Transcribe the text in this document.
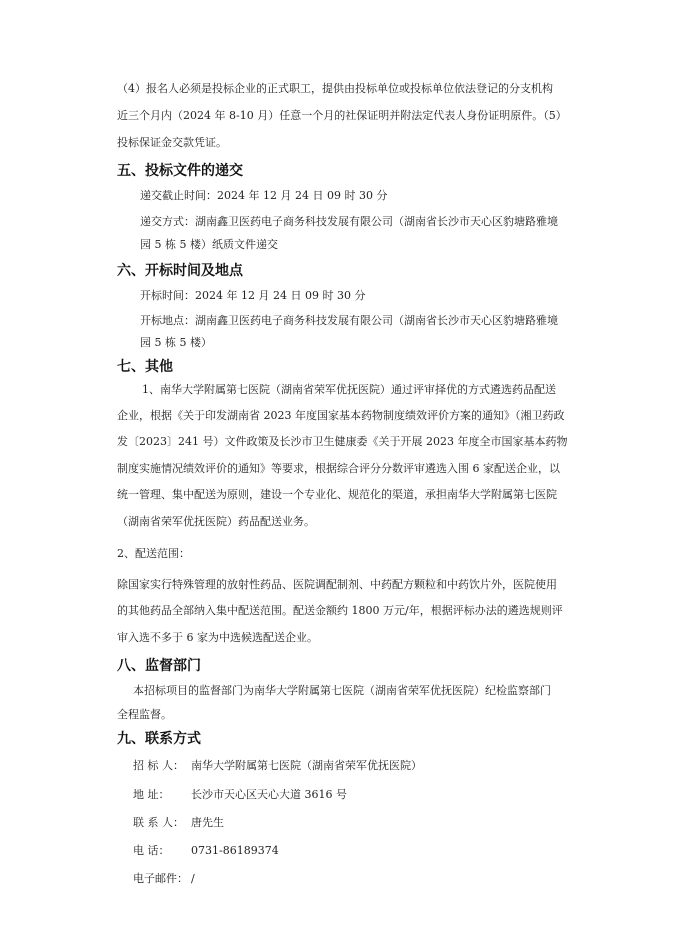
（4）报名人必须是投标企业的正式职工，提供由投标单位或投标单位依法登记的分支机构
近三个月内（2024 年 8-10 月）任意一个月的社保证明并附法定代表人身份证明原件。（5）
投标保证金交款凭证。
五、投标文件的递交
递交截止时间：2024 年 12 月 24 日 09 时 30 分
递交方式：湖南鑫卫医药电子商务科技发展有限公司（湖南省长沙市天心区豹塘路雅境
园 5 栋 5 楼）纸质文件递交
六、开标时间及地点
开标时间：2024 年 12 月 24 日 09 时 30 分
开标地点：湖南鑫卫医药电子商务科技发展有限公司（湖南省长沙市天心区豹塘路雅境
园 5 栋 5 楼）
七、其他
1、南华大学附属第七医院（湖南省荣军优抚医院）通过评审择优的方式遴选药品配送
企业，根据《关于印发湖南省 2023 年度国家基本药物制度绩效评价方案的通知》（湘卫药政
发〔2023〕241 号）文件政策及长沙市卫生健康委《关于开展 2023 年度全市国家基本药物
制度实施情况绩效评价的通知》等要求，根据综合评分分数评审遴选入围 6 家配送企业，以
统一管理、集中配送为原则，建设一个专业化、规范化的渠道，承担南华大学附属第七医院
（湖南省荣军优抚医院）药品配送业务。
2、配送范围：
除国家实行特殊管理的放射性药品、医院调配制剂、中药配方颗粒和中药饮片外，医院使用
的其他药品全部纳入集中配送范围。配送金额约 1800 万元/年，根据评标办法的遴选规则评
审入选不多于 6 家为中选候选配送企业。
八、监督部门
本招标项目的监督部门为南华大学附属第七医院（湖南省荣军优抚医院）纪检监察部门
全程监督。
九、联系方式
招 标 人： 南华大学附属第七医院（湖南省荣军优抚医院）
地 址： 长沙市天心区天心大道 3616 号
联 系 人： 唐先生
电 话： 0731-86189374
电子邮件： /
